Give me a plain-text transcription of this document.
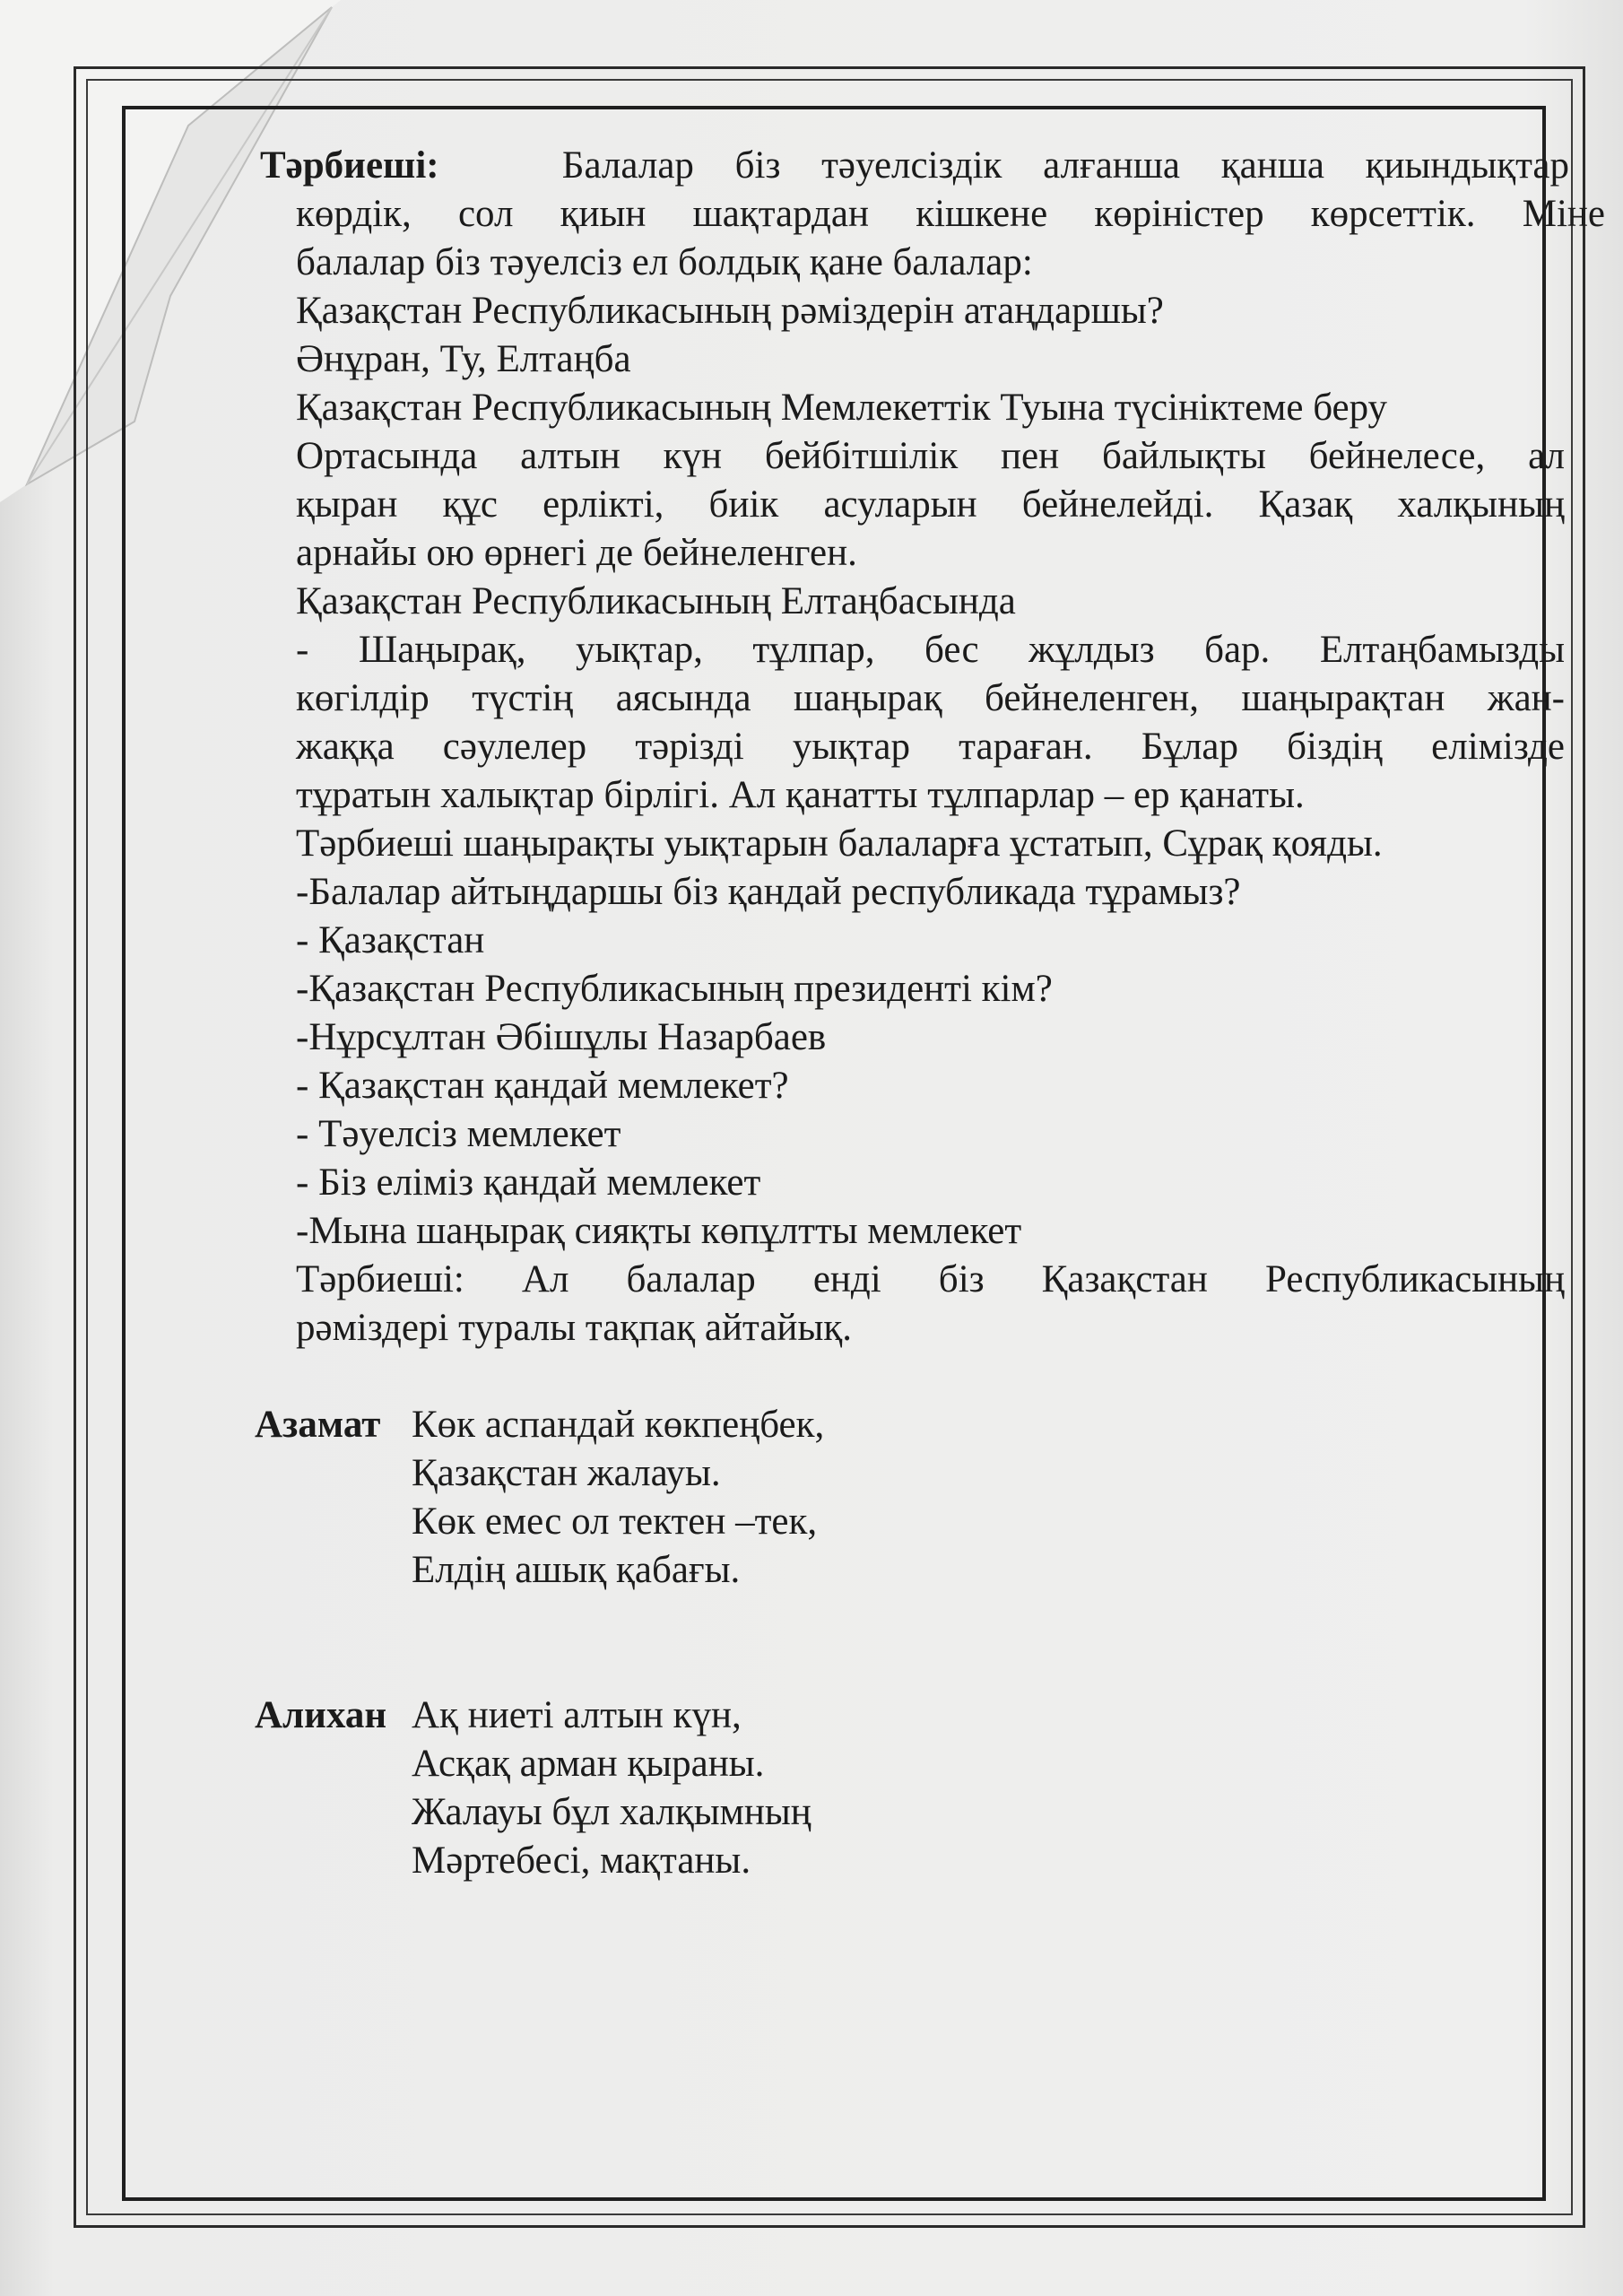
Тәрбиеші:	Балалар біз тәуелсіздік алғанша қанша қиындықтар
көрдік, сол қиын шақтардан кішкене көріністер көрсеттік. Міне
балалар біз тәуелсіз ел болдық қане балалар:
Қазақстан Республикасының рәміздерін атаңдаршы?
Әнұран, Ту, Елтаңба
Қазақстан Республикасының Мемлекеттік Туына түсініктеме беру
Ортасында алтын күн бейбітшілік пен байлықты бейнелесе, ал
қыран құс ерлікті, биік асуларын бейнелейді. Қазақ халқының
арнайы ою өрнегі де бейнеленген.
Қазақстан Республикасының Елтаңбасында
- Шаңырақ, уықтар, тұлпар, бес жұлдыз бар. Елтаңбамызды
көгілдір түстің аясында шаңырақ бейнеленген, шаңырақтан жан-
жаққа сәулелер тәрізді уықтар тараған. Бұлар біздің елімізде
тұратын халықтар бірлігі. Ал қанатты тұлпарлар – ер қанаты.
Тәрбиеші шаңырақты уықтарын балаларға ұстатып, Сұрақ қояды.
-Балалар айтыңдаршы біз қандай республикада тұрамыз?
- Қазақстан
-Қазақстан Республикасының президенті кім?
-Нұрсұлтан Әбішұлы Назарбаев
- Қазақстан қандай мемлекет?
- Тәуелсіз мемлекет
- Біз еліміз қандай мемлекет
-Мына шаңырақ сияқты көпұлтты мемлекет
Тәрбиеші: Ал балалар енді біз Қазақстан Республикасының
рәміздері туралы тақпақ айтайық.
Азамат Көк аспандай көкпеңбек,
Қазақстан жалауы.
Көк емес ол тектен –тек,
Елдің ашық қабағы.
Алихан Ақ ниеті алтын күн,
Асқақ арман қыраны.
Жалауы бұл халқымның
Мәртебесі, мақтаны.
